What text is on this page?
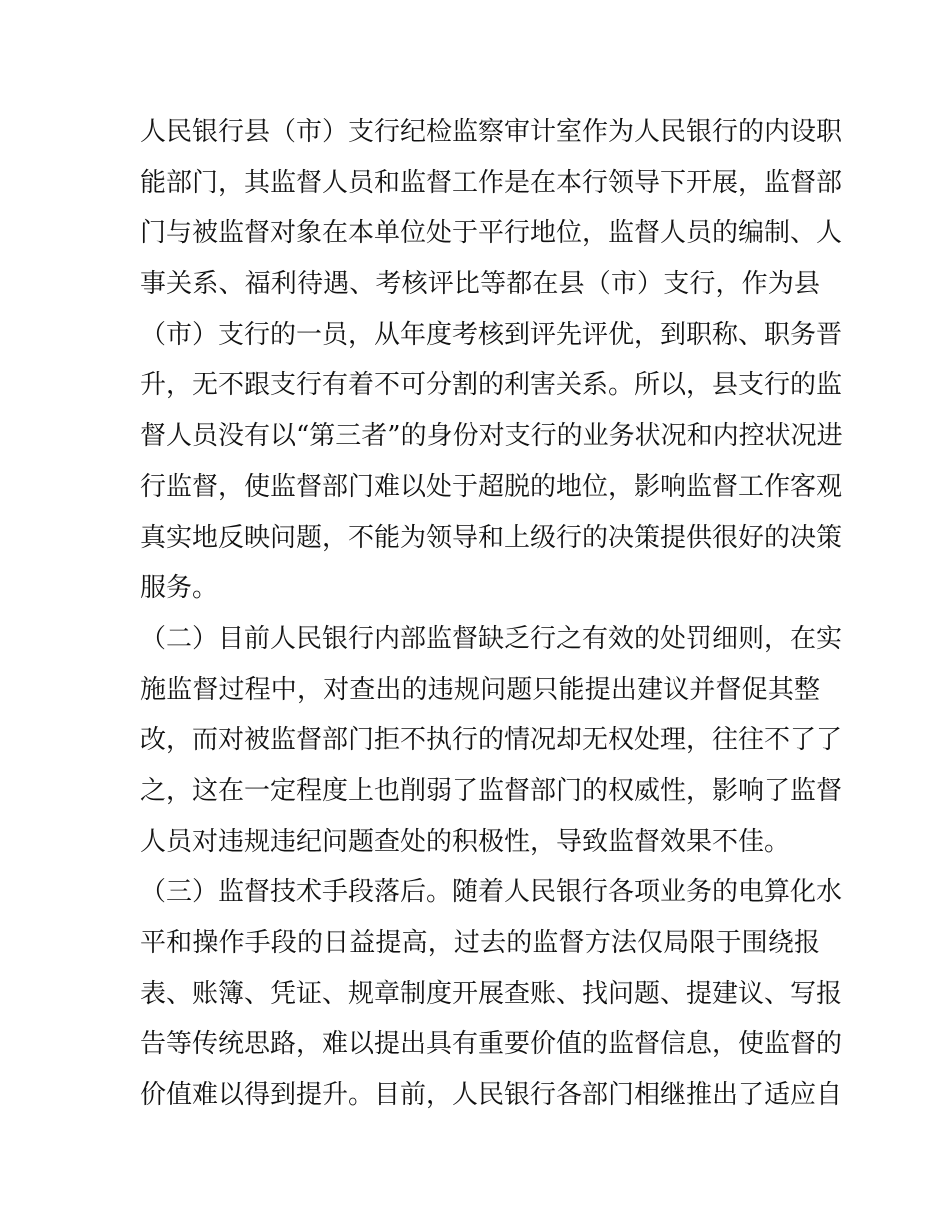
人民银行县（市）支行纪检监察审计室作为人民银行的内设职
能部门，其监督人员和监督工作是在本行领导下开展，监督部
门与被监督对象在本单位处于平行地位，监督人员的编制、人
事关系、福利待遇、考核评比等都在县（市）支行，作为县
（市）支行的一员，从年度考核到评先评优，到职称、职务晋
升，无不跟支行有着不可分割的利害关系。所以，县支行的监
督人员没有以“第三者”的身份对支行的业务状况和内控状况进
行监督，使监督部门难以处于超脱的地位，影响监督工作客观
真实地反映问题，不能为领导和上级行的决策提供很好的决策
服务。
（二）目前人民银行内部监督缺乏行之有效的处罚细则，在实
施监督过程中，对查出的违规问题只能提出建议并督促其整
改，而对被监督部门拒不执行的情况却无权处理，往往不了了
之，这在一定程度上也削弱了监督部门的权威性，影响了监督
人员对违规违纪问题查处的积极性，导致监督效果不佳。
（三）监督技术手段落后。随着人民银行各项业务的电算化水
平和操作手段的日益提高，过去的监督方法仅局限于围绕报
表、账簿、凭证、规章制度开展查账、找问题、提建议、写报
告等传统思路，难以提出具有重要价值的监督信息，使监督的
价值难以得到提升。目前，人民银行各部门相继推出了适应自
